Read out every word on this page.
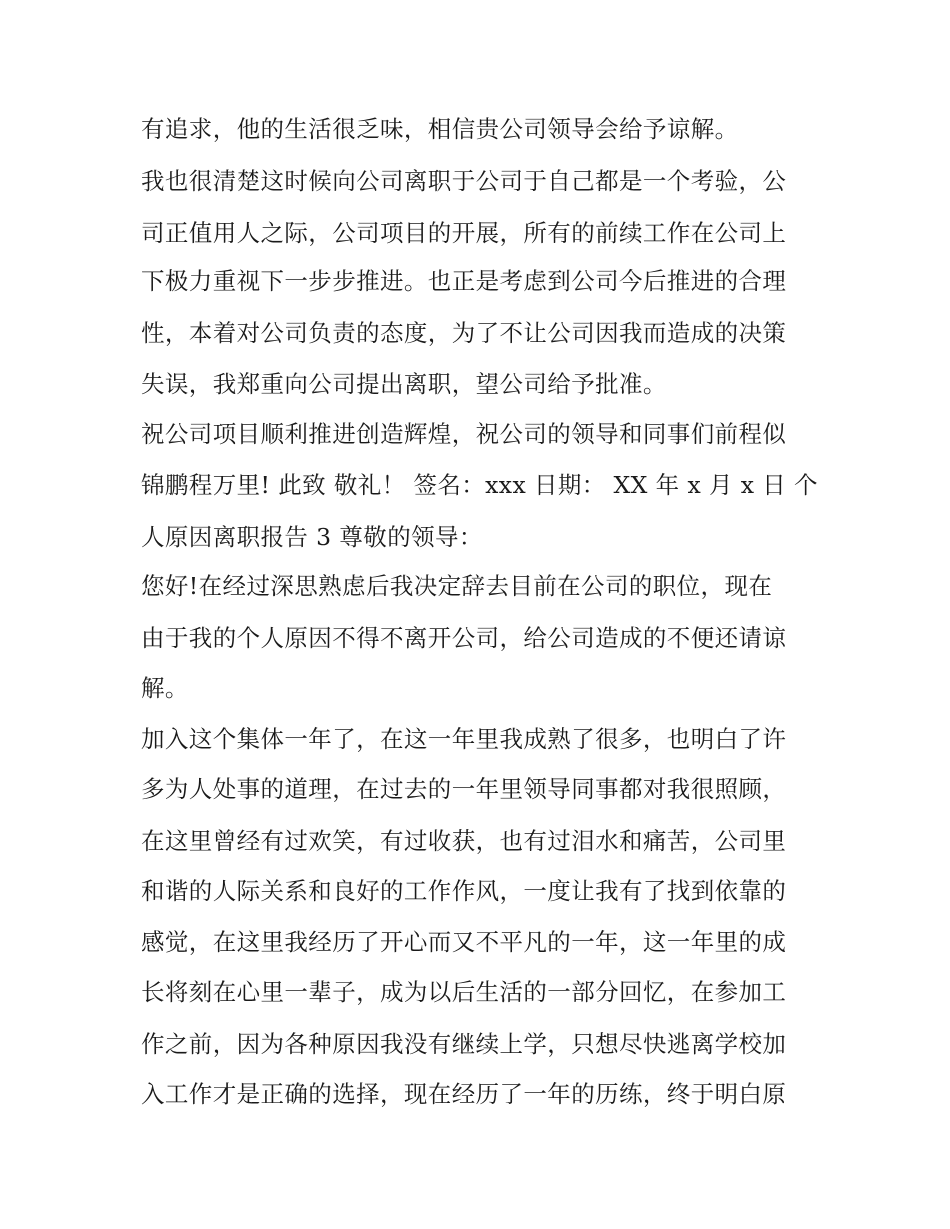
有追求，他的生活很乏味，相信贵公司领导会给予谅解。
我也很清楚这时候向公司离职于公司于自己都是一个考验，公
司正值用人之际，公司项目的开展，所有的前续工作在公司上
下极力重视下一步步推进。也正是考虑到公司今后推进的合理
性，本着对公司负责的态度，为了不让公司因我而造成的决策
失误，我郑重向公司提出离职，望公司给予批准。
祝公司项目顺利推进创造辉煌，祝公司的领导和同事们前程似
锦鹏程万里! 此致 敬礼！ 签名：xxx 日期： XX 年 x 月 x 日 个
人原因离职报告 3 尊敬的领导：
您好!在经过深思熟虑后我决定辞去目前在公司的职位，现在
由于我的个人原因不得不离开公司，给公司造成的不便还请谅
解。
加入这个集体一年了，在这一年里我成熟了很多，也明白了许
多为人处事的道理，在过去的一年里领导同事都对我很照顾，
在这里曾经有过欢笑，有过收获，也有过泪水和痛苦，公司里
和谐的人际关系和良好的工作作风，一度让我有了找到依靠的
感觉，在这里我经历了开心而又不平凡的一年，这一年里的成
长将刻在心里一辈子，成为以后生活的一部分回忆，在参加工
作之前，因为各种原因我没有继续上学，只想尽快逃离学校加
入工作才是正确的选择，现在经历了一年的历练，终于明白原
